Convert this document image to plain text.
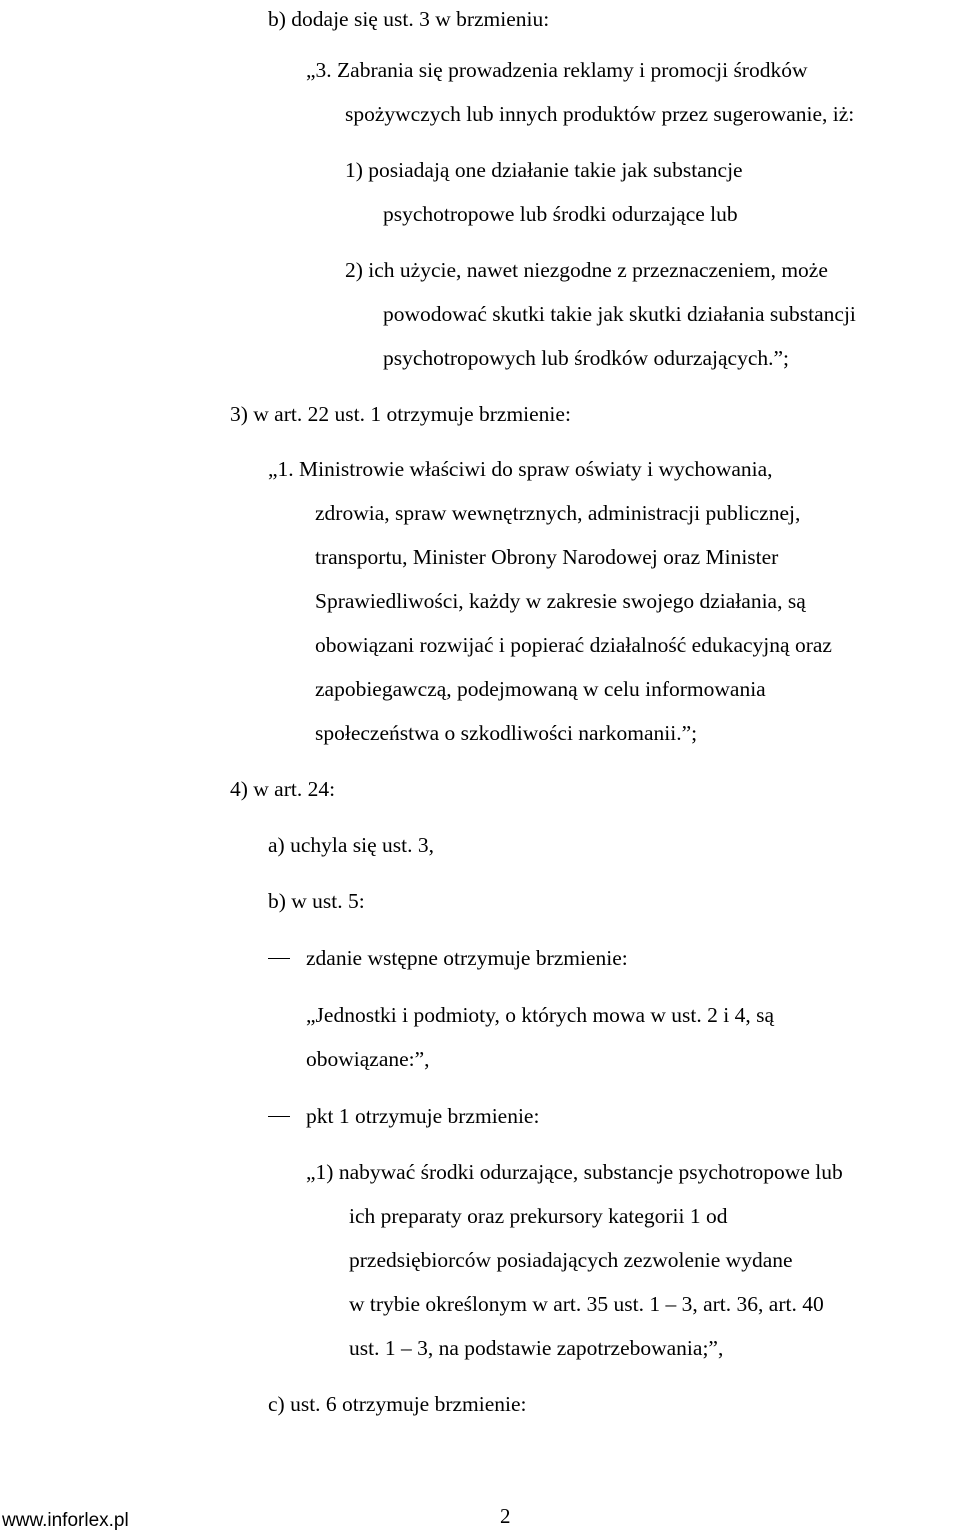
b) dodaje się ust. 3 w brzmieniu:
„3. Zabrania się prowadzenia reklamy i promocji środków
spożywczych lub innych produktów przez sugerowanie, iż:
1) posiadają one działanie takie jak substancje
psychotropowe lub środki odurzające lub
2) ich użycie, nawet niezgodne z przeznaczeniem, może
powodować skutki takie jak skutki działania substancji
psychotropowych lub środków odurzających.”;
3) w art. 22 ust. 1 otrzymuje brzmienie:
„1. Ministrowie właściwi do spraw oświaty i wychowania,
zdrowia, spraw wewnętrznych, administracji publicznej,
transportu, Minister Obrony Narodowej oraz Minister
Sprawiedliwości, każdy w zakresie swojego działania, są
obowiązani rozwijać i popierać działalność edukacyjną oraz
zapobiegawczą, podejmowaną w celu informowania
społeczeństwa o szkodliwości narkomanii.”;
4) w art. 24:
a) uchyla się ust. 3,
b) w ust. 5:
zdanie wstępne otrzymuje brzmienie:
„Jednostki i podmioty, o których mowa w ust. 2 i 4, są
obowiązane:”,
pkt 1 otrzymuje brzmienie:
„1) nabywać środki odurzające, substancje psychotropowe lub
ich preparaty oraz prekursory kategorii 1 od
przedsiębiorców posiadających zezwolenie wydane
w trybie określonym w art. 35 ust. 1 – 3, art. 36, art. 40
ust. 1 – 3, na podstawie zapotrzebowania;”,
c) ust. 6 otrzymuje brzmienie:
www.inforlex.pl	2
